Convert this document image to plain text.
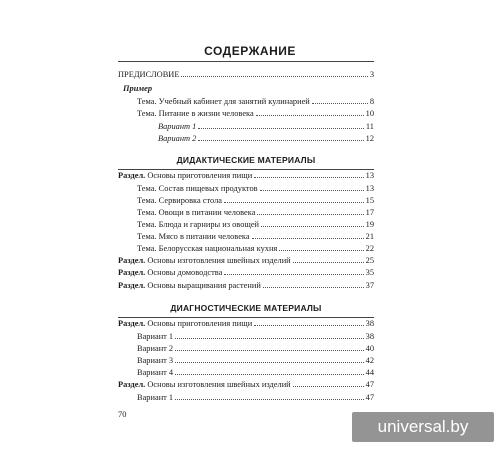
СОДЕРЖАНИЕ
ПРЕДИСЛОВИЕ	3
Пример
Тема. Учебный кабинет для занятий кулинарией	8
Тема. Питание в жизни человека	10
Вариант 1	11
Вариант 2	12
ДИДАКТИЧЕСКИЕ МАТЕРИАЛЫ
Раздел. Основы приготовления пищи	13
Тема. Состав пищевых продуктов	13
Тема. Сервировка стола	15
Тема. Овощи в питании человека	17
Тема. Блюда и гарниры из овощей	19
Тема. Мясо в питании человека	21
Тема. Белорусская национальная кухня	22
Раздел. Основы изготовления швейных изделий	25
Раздел. Основы домоводства	35
Раздел. Основы выращивания растений	37
ДИАГНОСТИЧЕСКИЕ МАТЕРИАЛЫ
Раздел. Основы приготовления пищи	38
Вариант 1	38
Вариант 2	40
Вариант 3	42
Вариант 4	44
Раздел. Основы изготовления швейных изделий	47
Вариант 1	47
70
universal.by
